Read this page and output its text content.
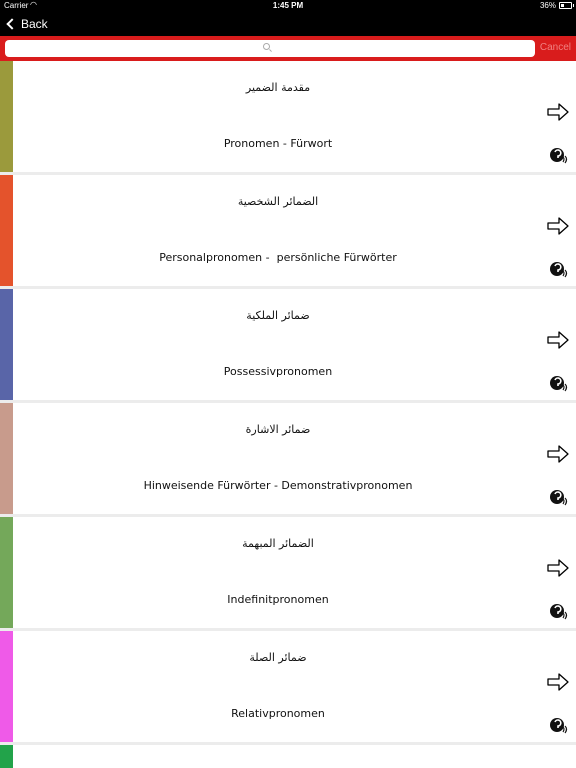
Carrier ◠	1:45 PM	36%
Back
Cancel
مقدمة الضمير
Pronomen - Fürwort
الضمائر الشخصية
Personalpronomen -  persönliche Fürwörter
ضمائر الملكية
Possessivpronomen
ضمائر الاشارة
Hinweisende Fürwörter - Demonstrativpronomen
الضمائر المبهمة
Indefinitpronomen
ضمائر الصلة
Relativpronomen
